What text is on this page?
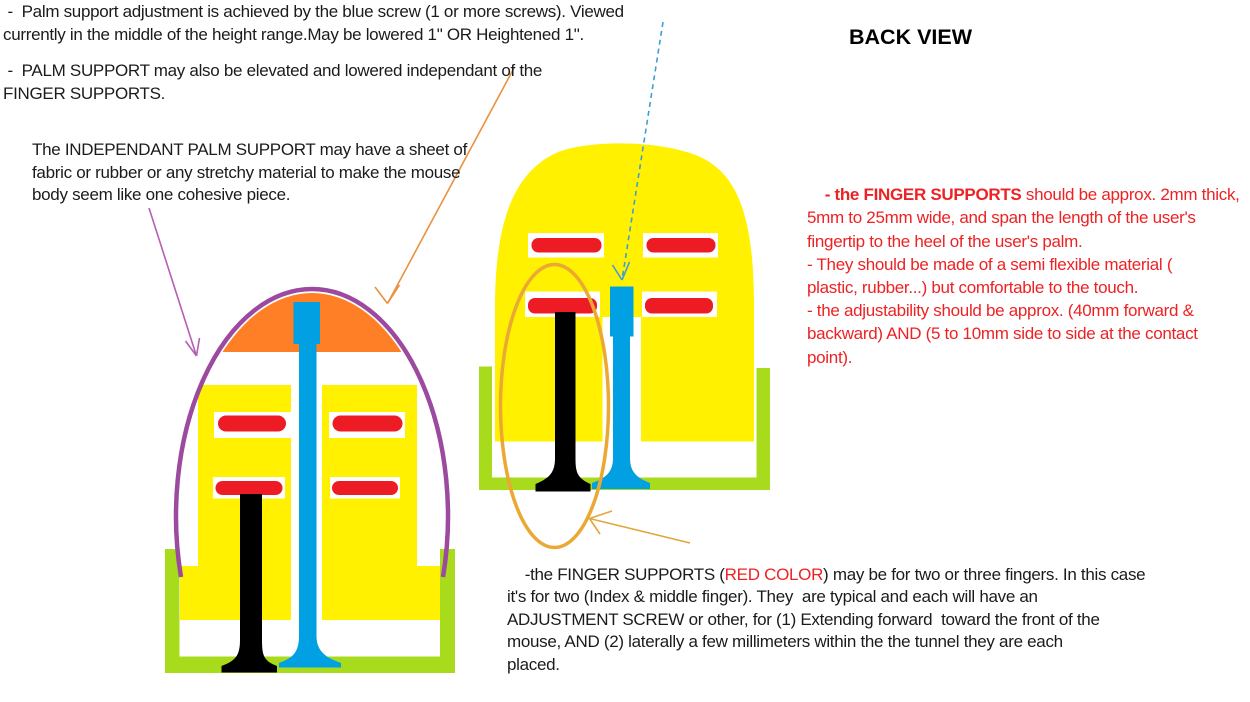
-  Palm support adjustment is achieved by the blue screw (1 or more screws). Viewed
currently in the middle of the height range.May be lowered 1" OR Heightened 1".
-  PALM SUPPORT may also be elevated and lowered independant of the
FINGER SUPPORTS.
The INDEPENDANT PALM SUPPORT may have a sheet of
fabric or rubber or any stretchy material to make the mouse
body seem like one cohesive piece.
BACK VIEW

- the FINGER SUPPORTS should be approx. 2mm thick,
5mm to 25mm wide, and span the length of the user's
fingertip to the heel of the user's palm.
- They should be made of a semi flexible material (
plastic, rubber...) but comfortable to the touch.
- the adjustability should be approx. (40mm forward &
backward) AND (5 to 10mm side to side at the contact
point).

-the FINGER SUPPORTS (RED COLOR) may be for two or three fingers. In this case
it's for two (Index & middle finger). They  are typical and each will have an
ADJUSTMENT SCREW or other, for (1) Extending forward  toward the front of the
mouse, AND (2) laterally a few millimeters within the the tunnel they are each
placed.
